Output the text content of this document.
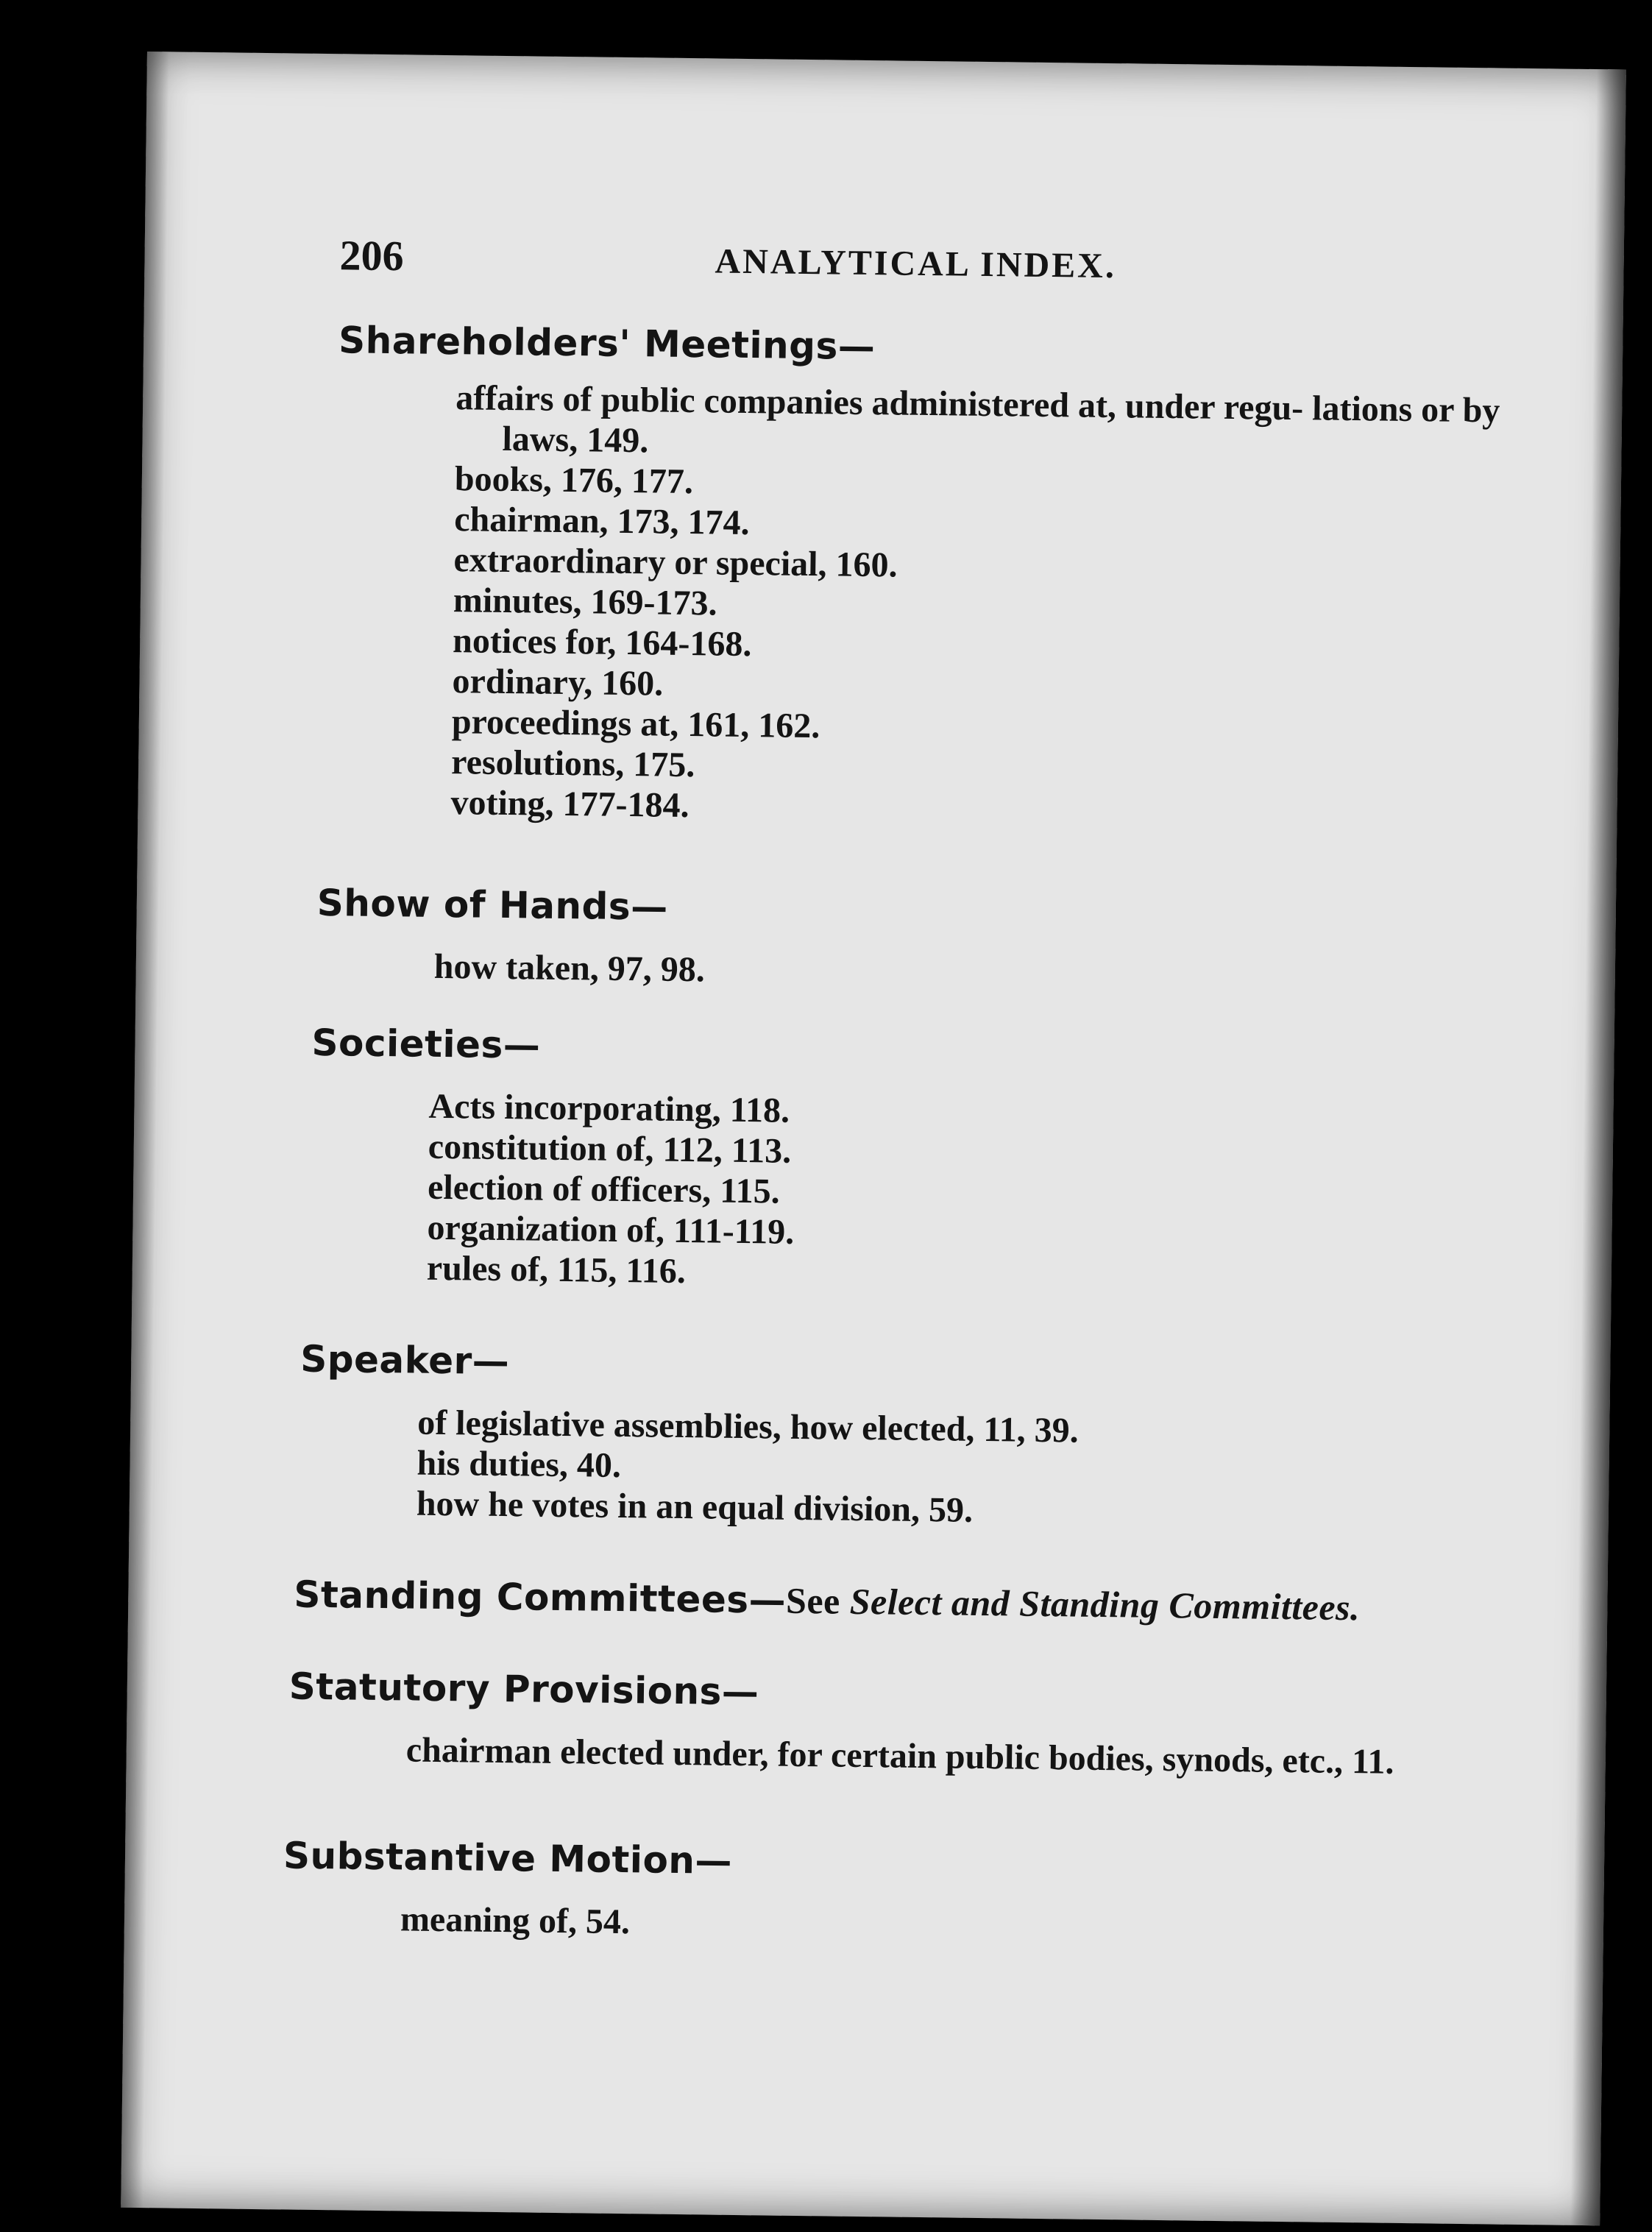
206	ANALYTICAL INDEX.
Shareholders' Meetings—
affairs of public companies administered at, under regu- lations or by laws, 149.
books, 176, 177.
chairman, 173, 174.
extraordinary or special, 160.
minutes, 169-173.
notices for, 164-168.
ordinary, 160.
proceedings at, 161, 162.
resolutions, 175.
voting, 177-184.
Show of Hands—
how taken, 97, 98.
Societies—
Acts incorporating, 118.
constitution of, 112, 113.
election of officers, 115.
organization of, 111-119.
rules of, 115, 116.
Speaker—
of legislative assemblies, how elected, 11, 39.
his duties, 40.
how he votes in an equal division, 59.
Standing Committees—See Select and Standing Committees.
Statutory Provisions—
chairman elected under, for certain public bodies, synods, etc., 11.
Substantive Motion—
meaning of, 54.
